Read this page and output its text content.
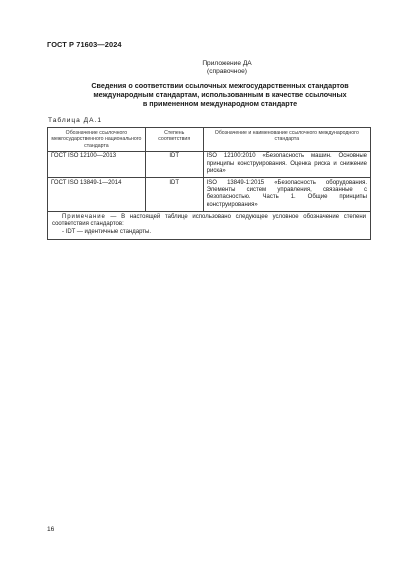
ГОСТ Р 71603—2024
Приложение ДА
(справочное)
Сведения о соответствии ссылочных межгосударственных стандартов
международным стандартам, использованным в качестве ссылочных
в примененном международном стандарте
Таблица ДА.1
Обозначение ссылочного межгосударственного национального стандарта	Степень соответствия	Обозначение и наименование ссылочного международного стандарта
ГОСТ ISO 12100—2013	IDT	ISO 12100:2010 «Безопасность машин. Основные принципы конструирования. Оценка риска и снижение риска»
ГОСТ ISO 13849-1—2014	IDT	ISO 13849-1:2015 «Безопасность оборудования. Элементы систем управления, связанные с безопасностью. Часть 1. Общие принципы конструирования»

Примечание — В настоящей таблице использовано следующее условное обозначение степени соответствия стандартов:
- IDT — идентичные стандарты.		
16
